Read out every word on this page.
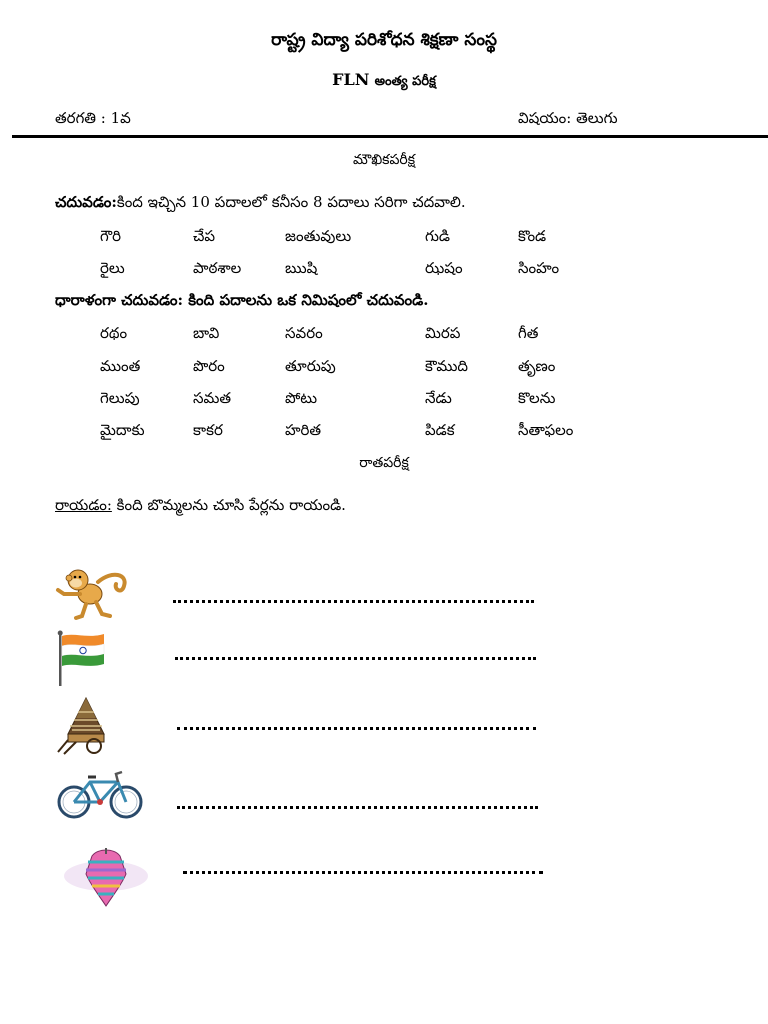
రాష్ట్ర విద్యా పరిశోధన శిక్షణా సంస్థ
FLN అంత్య పరీక్ష
తరగతి : 1వ	విషయం: తెలుగు
మౌఖికపరీక్ష
చదువడం:కింద ఇచ్చిన 10 పదాలలో కనీసం 8 పదాలు సరిగా చదవాలి.
గౌరి	చేప	జంతువులు	గుడి	కొండ
రైలు	పాఠశాల	ఋషి	ఝషం	సింహం
ధారాళంగా చదువడం: కింది పదాలను ఒక నిమిషంలో చదువండి.
రథం	బావి	సవరం	మిరప	గీత
ముంత	పొరం	తూరుపు	కౌముది	తృణం
గెలుపు	సమత	పోటు	నేడు	కొలను
మైదాకు	కాకర	హరిత	పిడక	సీతాఫలం
రాతపరీక్ష
రాయడం: కింది బొమ్మలను చూసి పేర్లను రాయండి.
